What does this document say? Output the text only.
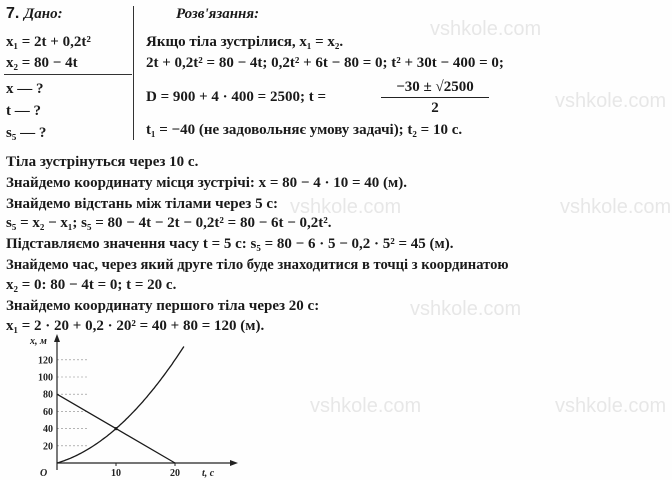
vshkole.com
vshkole.com
vshkole.com	vshkole.com
vshkole.com
vshkole.com	vshkole.com
7. Дано:
x₁ = 2t + 0,2t²
x₂ = 80 − 4t
x — ?
t — ?
s₅ — ?
Розв'язання:
Якщо тіла зустрілися, x₁ = x₂.
2t + 0,2t² = 80 − 4t; 0,2t² + 6t − 80 = 0; t² + 30t − 400 = 0;
D = 900 + 4 · 400 = 2500; t =
−30 ± √2500
2
t₁ = −40 (не задовольняє умову задачі); t₂ = 10 с.
Тіла зустрінуться через 10 с.
Знайдемо координату місця зустрічі: x = 80 − 4 · 10 = 40 (м).
Знайдемо відстань між тілами через 5 с:
s₅ = x₂ − x₁; s₅ = 80 − 4t − 2t − 0,2t² = 80 − 6t − 0,2t².
Підставляємо значення часу t = 5 с: s₅ = 80 − 6 · 5 − 0,2 · 5² = 45 (м).
Знайдемо час, через який друге тіло буде знаходитися в точці з координатою
x₂ = 0: 80 − 4t = 0; t = 20 с.
Знайдемо координату першого тіла через 20 с:
x₁ = 2 · 20 + 0,2 · 20² = 40 + 80 = 120 (м).
x, м
t, с
O
20
40
60
80
100
120
10	20
